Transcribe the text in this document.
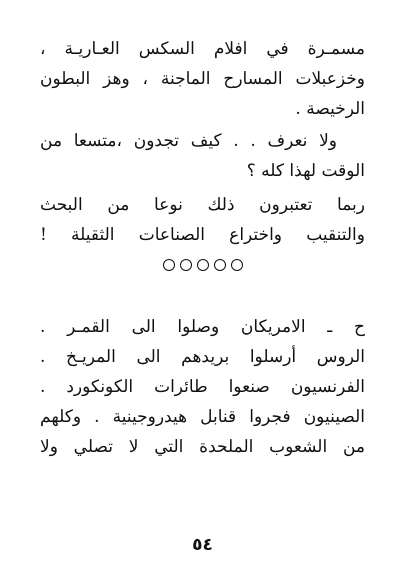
مسمـرة في افلام السكس العـاريـة ،
وخزعبلات المسارح الماجنة ، وهز البطون
الرخيصة .
ولا نعرف . . كيف تجدون ،متسعا من
الوقت لهذا كله ؟
ربما تعتبرون ذلك نوعا من البحث
والتنقيب واختراع الصناعات الثقيلة !
ح ـ الامريكان وصلوا الى القمـر .
الروس أرسلوا بريدهم الى المريـخ .
الفرنسيون صنعوا طائرات الكونكورد .
الصينيون فجروا قنابل هيدروجينية . وكلهم
من الشعوب الملحدة التي لا تصلي ولا
٥٤
